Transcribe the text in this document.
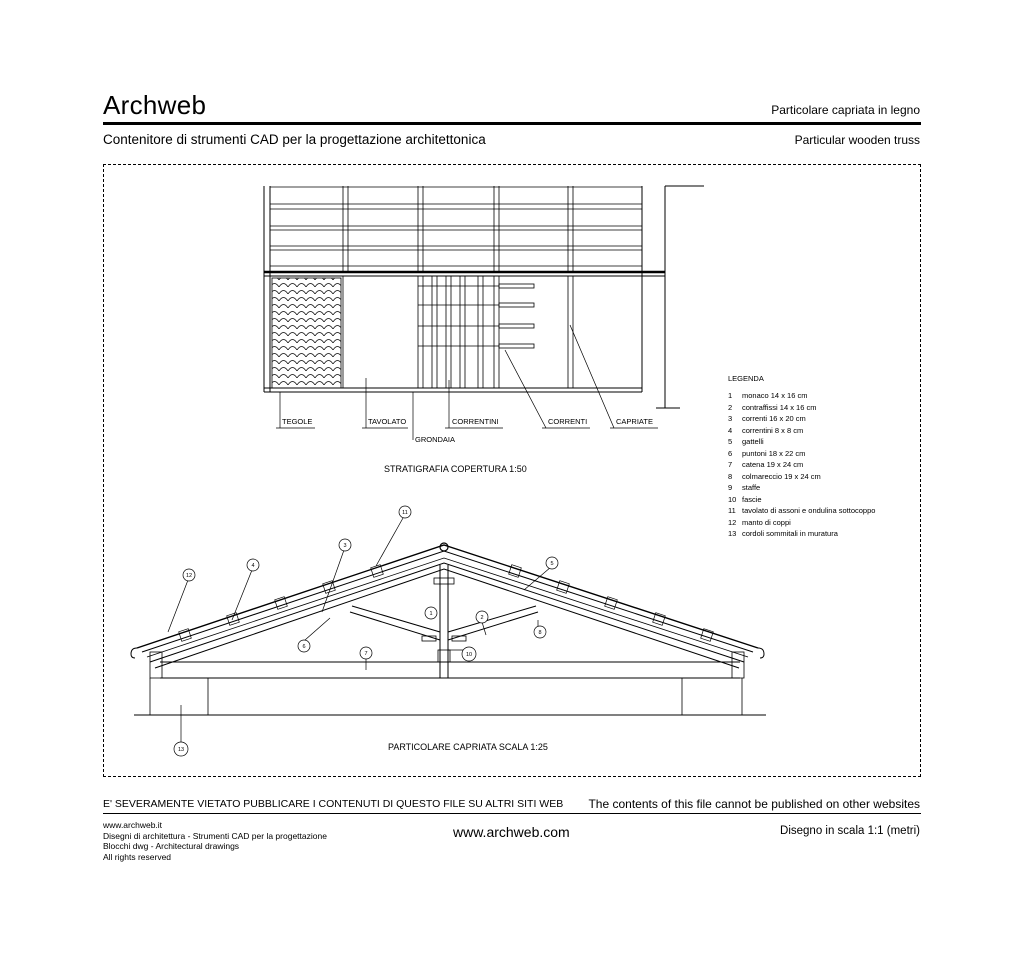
Archweb	Particolare capriata in legno
Contenitore di strumenti CAD per la progettazione architettonica	Particular wooden truss
TEGOLE	TAVOLATO
GRONDAIA
CORRENTINI	CORRENTI	CAPRIATE
STRATIGRAFIA COPERTURA 1:50
LEGENDA
1 monaco 14 x 16 cm
2 contraffissi 14 x 16 cm
3 correnti 16 x 20 cm
4 correntini 8 x 8 cm
5 gattelli
6 puntoni 18 x 22 cm
7 catena 19 x 24 cm
8 colmareccio 19 x 24 cm
9 staffe
10 fascie
11 tavolato di assoni e ondulina sottocoppo
12 manto di coppi
13 cordoli sommitali in muratura
1
2
3
4	5
6
7
8
10
11
12
13	PARTICOLARE CAPRIATA SCALA 1:25
E' SEVERAMENTE VIETATO PUBBLICARE I CONTENUTI DI QUESTO FILE SU ALTRI SITI WEB The contents of this file cannot be published on other websites
www.archweb.it
Disegni di architettura - Strumenti CAD per la progettazione
Blocchi dwg - Architectural drawings
All rights reserved
www.archweb.com	Disegno in scala 1:1 (metri)
